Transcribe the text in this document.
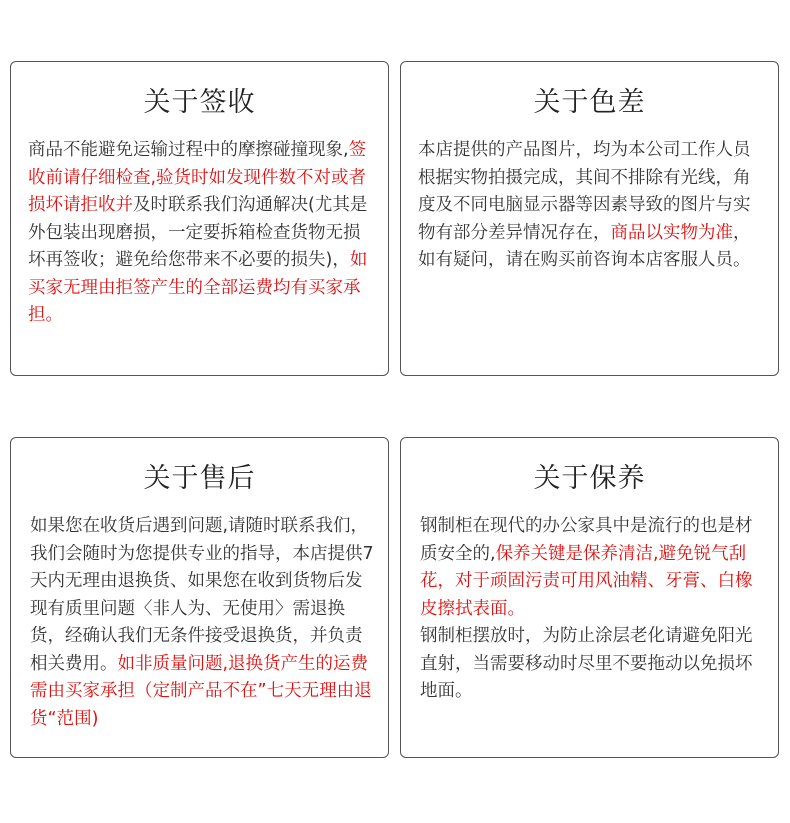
关于签收
商品不能避免运输过程中的摩擦碰撞现象,签收前请仔细检查,验货时如发现件数不对或者损坏请拒收并及时联系我们沟通解决(尤其是外包装出现磨损，一定要拆箱检查货物无损坏再签收；避免给您带来不必要的损失)，如买家无理由拒签产生的全部运费均有买家承担。
关于色差
本店提供的产品图片，均为本公司工作人员根据实物拍摄完成，其间不排除有光线，角度及不同电脑显示器等因素导致的图片与实物有部分差异情况存在，商品以实物为准，如有疑问，请在购买前咨询本店客服人员。
关于售后
如果您在收货后遇到问题,请随时联系我们，我们会随时为您提供专业的指导，本店提供7天内无理由退换货、如果您在收到货物后发现有质里问题〈非人为、无使用〉需退换货，经确认我们无条件接受退换货，并负责相关费用。如非质量问题,退换货产生的运费需由买家承担（定制产品不在”七天无理由退货“范围)
关于保养
钢制柜在现代的办公家具中是流行的也是材质安全的,保养关键是保养清洁,避免锐气刮花，对于顽固污责可用风油精、牙膏、白橡皮擦拭表面。
钢制柜摆放时，为防止涂层老化请避免阳光直射，当需要移动时尽里不要拖动以免损坏地面。
